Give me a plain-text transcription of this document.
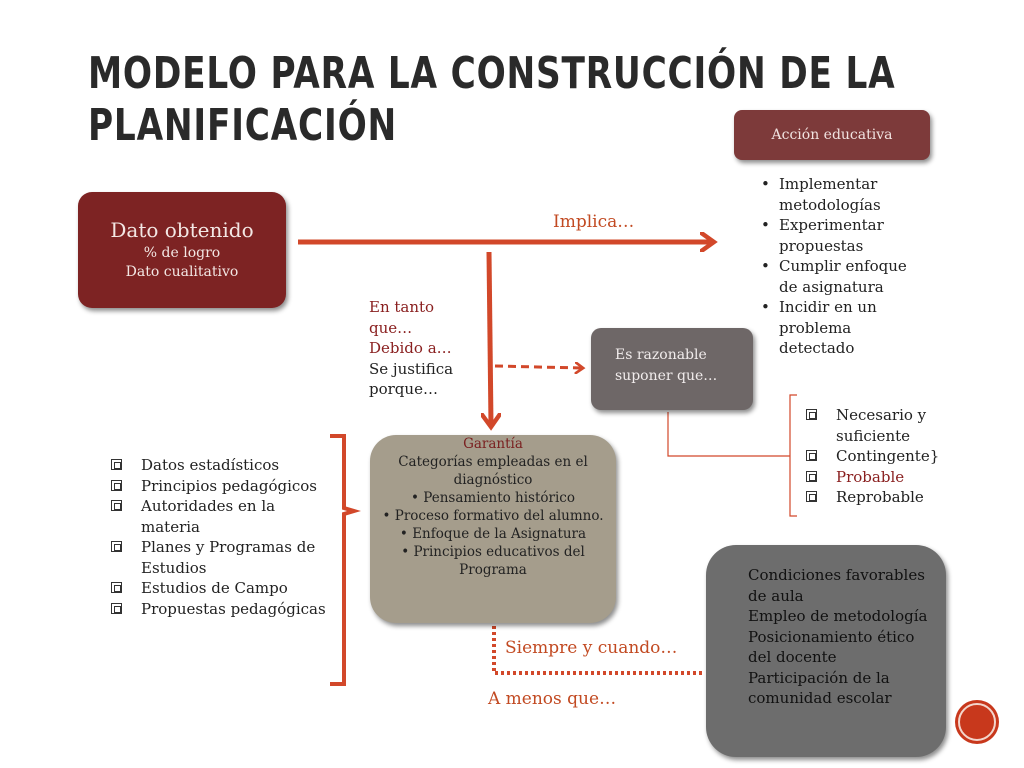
MODELO PARA LA CONSTRUCCIÓN DE LA
PLANIFICACIÓN	Acción educativa
• Implementar metodologías
• Experimentar propuestas
• Cumplir enfoque de asignatura
• Incidir en un problema detectado
Dato obtenido
% de logro
Dato cualitativo
Implica…
En tanto
que…
Debido a…
Se justifica
porque…
Es razonable
suponer que…
Necesario y suficiente
Contingente}
Probable
Reprobable
Datos estadísticos
Principios pedagógicos
Autoridades en la materia
Planes y Programas de Estudios
Estudios de Campo
Propuestas pedagógicas
Garantía
Categorías empleadas en el diagnóstico
• Pensamiento histórico
• Proceso formativo del alumno.
• Enfoque de la Asignatura
• Principios educativos del Programa
Siempre y cuando…
A menos que…
Condiciones favorables de aula
Empleo de metodología
Posicionamiento ético del docente
Participación de la comunidad escolar
